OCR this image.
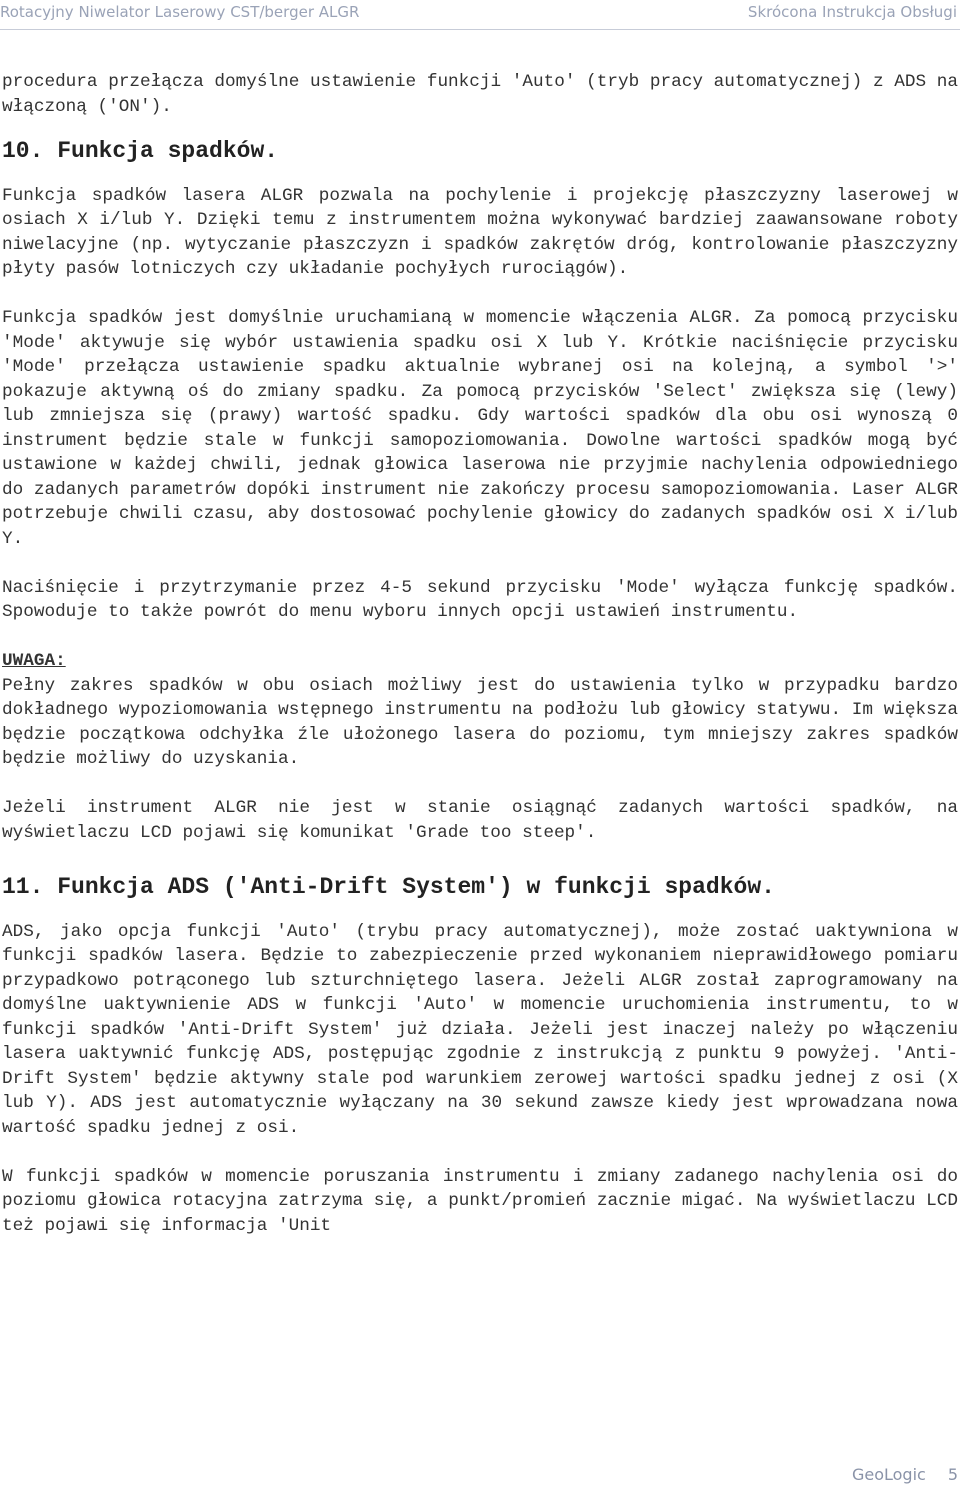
Rotacyjny Niwelator Laserowy CST/berger ALGR	Skrócona Instrukcja Obsługi

procedura przełącza domyślne ustawienie funkcji 'Auto' (tryb pracy automatycznej) z ADS na włączoną ('ON').

10. Funkcja spadków.

Funkcja spadków lasera ALGR pozwala na pochylenie i projekcję płaszczyzny laserowej w osiach X i/lub Y. Dzięki temu z instrumentem można wykonywać bardziej zaawansowane roboty niwelacyjne (np. wytyczanie płaszczyzn i spadków zakrętów dróg, kontrolowanie płaszczyzny płyty pasów lotniczych czy układanie pochyłych rurociągów).

Funkcja spadków jest domyślnie uruchamianą w momencie włączenia ALGR. Za pomocą przycisku 'Mode' aktywuje się wybór ustawienia spadku osi X lub Y. Krótkie naciśnięcie przycisku 'Mode' przełącza ustawienie spadku aktualnie wybranej osi na kolejną, a symbol '>' pokazuje aktywną oś do zmiany spadku. Za pomocą przycisków 'Select' zwiększa się (lewy) lub zmniejsza się (prawy) wartość spadku. Gdy wartości spadków dla obu osi wynoszą 0 instrument będzie stale w funkcji samopoziomowania. Dowolne wartości spadków mogą być ustawione w każdej chwili, jednak głowica laserowa nie przyjmie nachylenia odpowiedniego do zadanych parametrów dopóki instrument nie zakończy procesu samopoziomowania. Laser ALGR potrzebuje chwili czasu, aby dostosować pochylenie głowicy do zadanych spadków osi X i/lub Y.

Naciśnięcie i przytrzymanie przez 4-5 sekund przycisku 'Mode' wyłącza funkcję spadków. Spowoduje to także powrót do menu wyboru innych opcji ustawień instrumentu.

UWAGA:

Pełny zakres spadków w obu osiach możliwy jest do ustawienia tylko w przypadku bardzo dokładnego wypoziomowania wstępnego instrumentu na podłożu lub głowicy statywu. Im większa będzie początkowa odchyłka źle ułożonego lasera do poziomu, tym mniejszy zakres spadków będzie możliwy do uzyskania.

Jeżeli instrument ALGR nie jest w stanie osiągnąć zadanych wartości spadków, na wyświetlaczu LCD pojawi się komunikat 'Grade too steep'.

11. Funkcja ADS ('Anti-Drift System') w funkcji spadków.

ADS, jako opcja funkcji 'Auto' (trybu pracy automatycznej), może zostać uaktywniona w funkcji spadków lasera. Będzie to zabezpieczenie przed wykonaniem nieprawidłowego pomiaru przypadkowo potrąconego lub szturchniętego lasera. Jeżeli ALGR został zaprogramowany na domyślne uaktywnienie ADS w funkcji 'Auto' w momencie uruchomienia instrumentu, to w funkcji spadków 'Anti-Drift System' już działa. Jeżeli jest inaczej należy po włączeniu lasera uaktywnić funkcję ADS, postępując zgodnie z instrukcją z punktu 9 powyżej. 'Anti-Drift System' będzie aktywny stale pod warunkiem zerowej wartości spadku jednej z osi (X lub Y). ADS jest automatycznie wyłączany na 30 sekund zawsze kiedy jest wprowadzana nowa wartość spadku jednej z osi.

W funkcji spadków w momencie poruszania instrumentu i zmiany zadanego nachylenia osi do poziomu głowica rotacyjna zatrzyma się, a punkt/promień zacznie migać. Na wyświetlaczu LCD też pojawi się informacja 'Unit

GeoLogic 5
